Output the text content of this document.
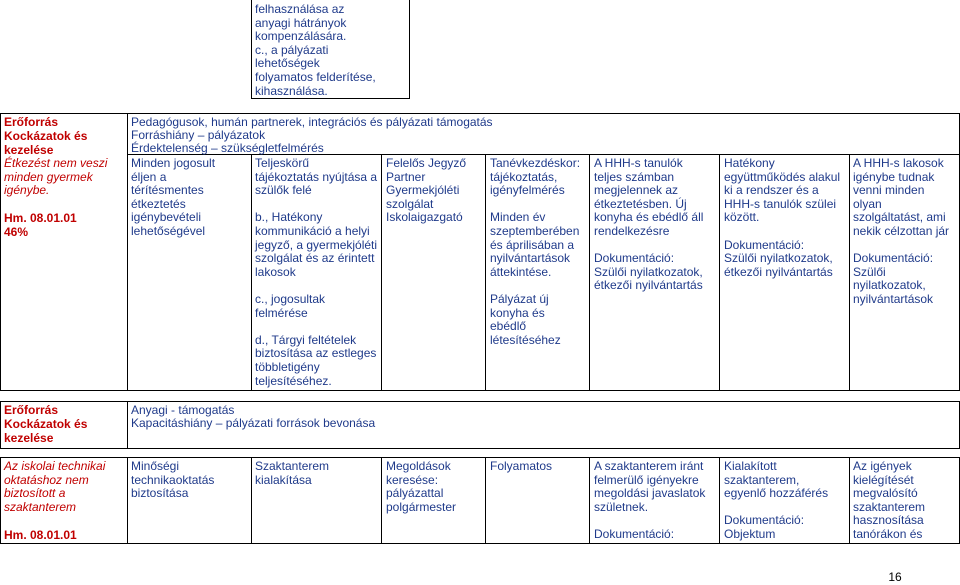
felhasználása az
anyagi hátrányok
kompenzálására.
c., a pályázati
lehetőségek
folyamatos felderítése,
kihasználása.
Erőforrás
Kockázatok és
kezelése
Étkezést nem veszi
minden gyermek
igénybe.
Hm. 08.01.01
46%
Pedagógusok, humán partnerek, integrációs és pályázati támogatás
Forráshiány – pályázatok
Érdektelenség – szükségletfelmérés
Minden jogosult
éljen a
térítésmentes
étkeztetés
igénybevételi
lehetőségével
Teljeskörű
tájékoztatás nyújtása a
szülők felé

b., Hatékony
kommunikáció a helyi
jegyző, a gyermekjóléti
szolgálat és az érintett
lakosok

c., jogosultak
felmérése

d., Tárgyi feltételek
biztosítása az estleges
többletigény
teljesítéséhez.
Felelős Jegyző
Partner
Gyermekjóléti
szolgálat
Iskolaigazgató
Tanévkezdéskor:
tájékoztatás,
igényfelmérés

Minden év
szeptemberében
és áprilisában a
nyilvántartások
áttekintése.

Pályázat új
konyha és
ebédlő
létesítéséhez
A HHH-s tanulók
teljes számban
megjelennek az
étkeztetésben. Új
konyha és ebédlő áll
rendelkezésre

Dokumentáció:
Szülői nyilatkozatok,
étkezői nyilvántartás
Hatékony
együttműködés alakul
ki a rendszer és a
HHH-s tanulók szülei
között.

Dokumentáció:
Szülői nyilatkozatok,
étkezői nyilvántartás
A HHH-s lakosok
igénybe tudnak
venni minden
olyan
szolgáltatást, ami
nekik célzottan jár

Dokumentáció:
Szülői
nyilatkozatok,
nyilvántartások
Erőforrás
Kockázatok és
kezelése
Anyagi - támogatás
Kapacitáshiány – pályázati források bevonása
Az iskolai technikai
oktatáshoz nem
biztosított a
szaktanterem
Hm. 08.01.01
Minőségi
technikaoktatás
biztosítása
Szaktanterem
kialakítása
Megoldások
keresése:
pályázattal
polgármester
Folyamatos	A szaktanterem iránt
felmerülő igényekre
megoldási javaslatok
születnek.

Dokumentáció:
Kialakított
szaktanterem,
egyenlő hozzáférés

Dokumentáció:
Objektum
Az igények
kielégítését
megvalósító
szaktanterem
hasznosítása
tanórákon és
16
